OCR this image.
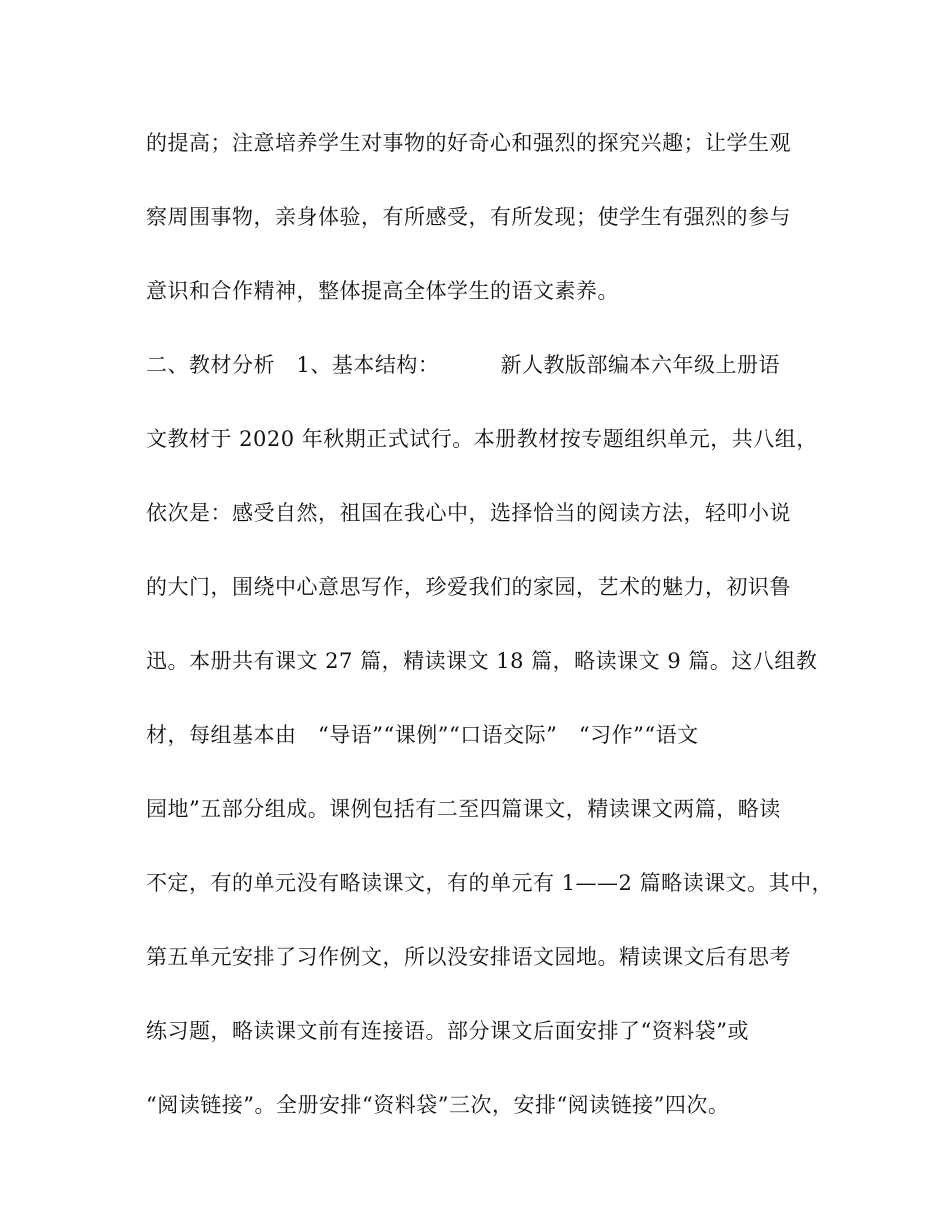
的提高；注意培养学生对事物的好奇心和强烈的探究兴趣；让学生观
察周围事物，亲身体验，有所感受，有所发现；使学生有强烈的参与
意识和合作精神，整体提高全体学生的语文素养。
二、教材分析　1、基本结构：　　　 新人教版部编本六年级上册语
文教材于 2020 年秋期正式试行。本册教材按专题组织单元，共八组，
依次是：感受自然，祖国在我心中，选择恰当的阅读方法，轻叩小说
的大门，围绕中心意思写作，珍爱我们的家园，艺术的魅力，初识鲁
迅。本册共有课文 27 篇，精读课文 18 篇，略读课文 9 篇。这八组教
材，每组基本由　“导语”“课例”“口语交际”　“习作”“语文
园地”五部分组成。课例包括有二至四篇课文，精读课文两篇，略读
不定，有的单元没有略读课文，有的单元有 1——2 篇略读课文。其中，
第五单元安排了习作例文，所以没安排语文园地。精读课文后有思考
练习题，略读课文前有连接语。部分课文后面安排了“资料袋”或
“阅读链接”。全册安排“资料袋”三次，安排“阅读链接”四次。
